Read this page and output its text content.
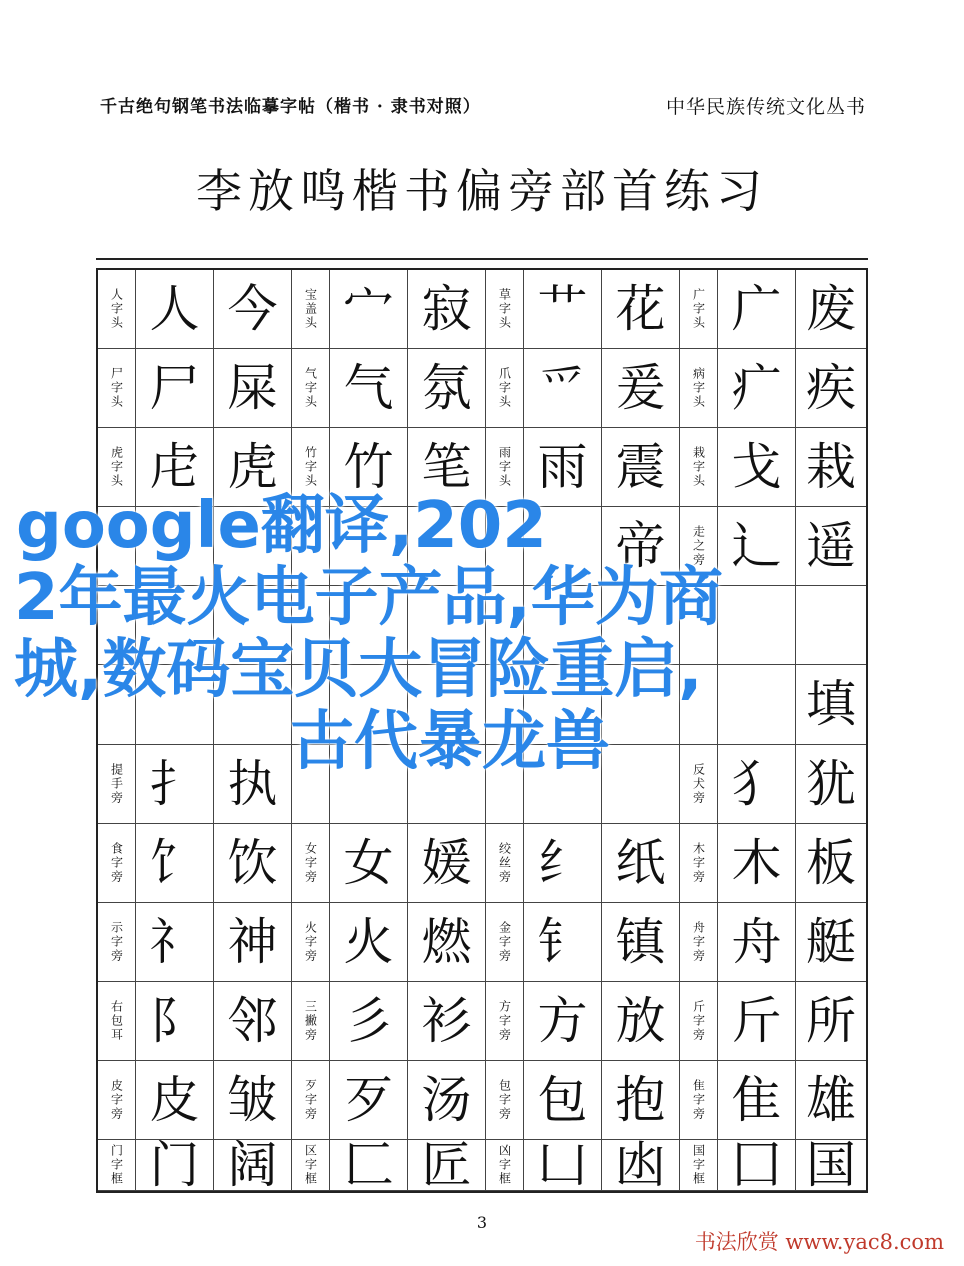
千古绝句钢笔书法临摹字帖（楷书 · 隶书对照）	中华民族传统文化丛书
李放鸣楷书偏旁部首练习
人字头 人 今 宝盖头 宀 寂 草字头 艹 花 广字头 广 废
尸字头 尸 屎 气字头 气 氛 爪字头 爫 爰 病字头 疒 疾
虎字头 虍 虎 竹字头 竹 笔 雨字头 雨 震 栽字头 戈 栽
帝 走之旁 辶 遥
填
提手旁 扌 执	反犬旁 犭 犹
食字旁 饣 饮 女字旁 女 媛 绞丝旁 纟 纸 木字旁 木 板
示字旁 礻 神 火字旁 火 燃 金字旁 钅 镇 舟字旁 舟 艇
右包耳 阝 邻 三撇旁 彡 衫 方字旁 方 放 斤字旁 斤 所
皮字旁 皮 皱 歹字旁 歹 汤 包字旁 包 抱 隹字旁 隹 雄
门字框 门 阔 区字框 匚 匠 凶字框 凵 凼 国字框 囗 国
3
书法欣赏 www.yac8.com
google翻译,202
2年最火电子产品,华为商
城,数码宝贝大冒险重启,
古代暴龙兽
